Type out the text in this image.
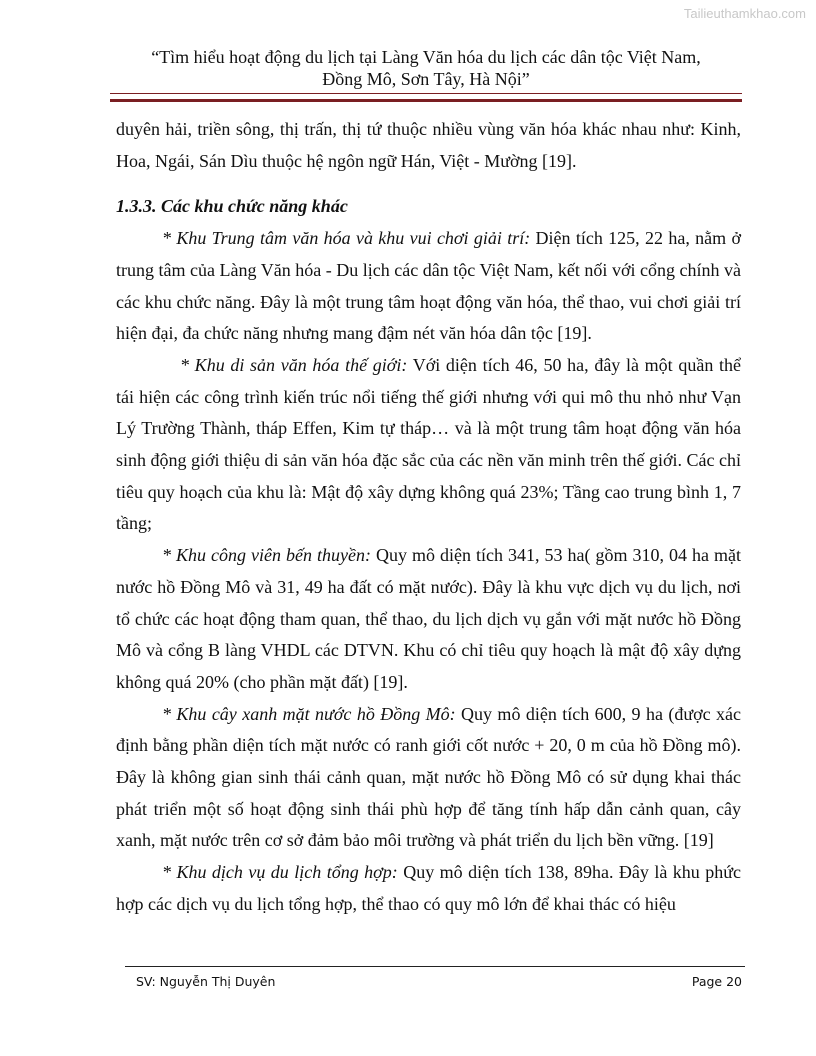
Tailieuthamkhao.com
“Tìm hiểu hoạt động du lịch tại Làng Văn hóa du lịch các dân tộc Việt Nam,
Đồng Mô, Sơn Tây, Hà Nội”

duyên hải, triền sông, thị trấn, thị tứ thuộc nhiều vùng văn hóa khác nhau như: Kinh, Hoa, Ngái, Sán Dìu thuộc hệ ngôn ngữ Hán, Việt - Mường [19].

1.3.3. Các khu chức năng khác

* Khu Trung tâm văn hóa và khu vui chơi giải trí: Diện tích 125, 22 ha, nằm ở trung tâm của Làng Văn hóa - Du lịch các dân tộc Việt Nam, kết nối với cổng chính và các khu chức năng. Đây là một trung tâm hoạt động văn hóa, thể thao, vui chơi giải trí hiện đại, đa chức năng nhưng mang đậm nét văn hóa dân tộc [19].

* Khu di sản văn hóa thế giới: Với diện tích 46, 50 ha, đây là một quần thể tái hiện các công trình kiến trúc nổi tiếng thế giới nhưng với qui mô thu nhỏ như Vạn Lý Trường Thành, tháp Effen, Kim tự tháp… và là một trung tâm hoạt động văn hóa sinh động giới thiệu di sản văn hóa đặc sắc của các nền văn minh trên thế giới. Các chỉ tiêu quy hoạch của khu là: Mật độ xây dựng không quá 23%; Tầng cao trung bình 1, 7 tầng;

* Khu công viên bến thuyền: Quy mô diện tích 341, 53 ha( gồm 310, 04 ha mặt nước hồ Đồng Mô và 31, 49 ha đất có mặt nước). Đây là khu vực dịch vụ du lịch, nơi tổ chức các hoạt động tham quan, thể thao, du lịch dịch vụ gắn với mặt nước hồ Đồng Mô và cổng B làng VHDL các DTVN. Khu có chỉ tiêu quy hoạch là mật độ xây dựng không quá 20% (cho phần mặt đất) [19].

* Khu cây xanh mặt nước hồ Đồng Mô: Quy mô diện tích 600, 9 ha (được xác định bằng phần diện tích mặt nước có ranh giới cốt nước + 20, 0 m của hồ Đồng mô). Đây là không gian sinh thái cảnh quan, mặt nước hồ Đồng Mô có sử dụng khai thác phát triển một số hoạt động sinh thái phù hợp để tăng tính hấp dẫn cảnh quan, cây xanh, mặt nước trên cơ sở đảm bảo môi trường và phát triển du lịch bền vững. [19]

* Khu dịch vụ du lịch tổng hợp: Quy mô diện tích 138, 89ha. Đây là khu phức hợp các dịch vụ du lịch tổng hợp, thể thao có quy mô lớn để khai thác có hiệu

SV: Nguyễn Thị Duyên	Page 20
